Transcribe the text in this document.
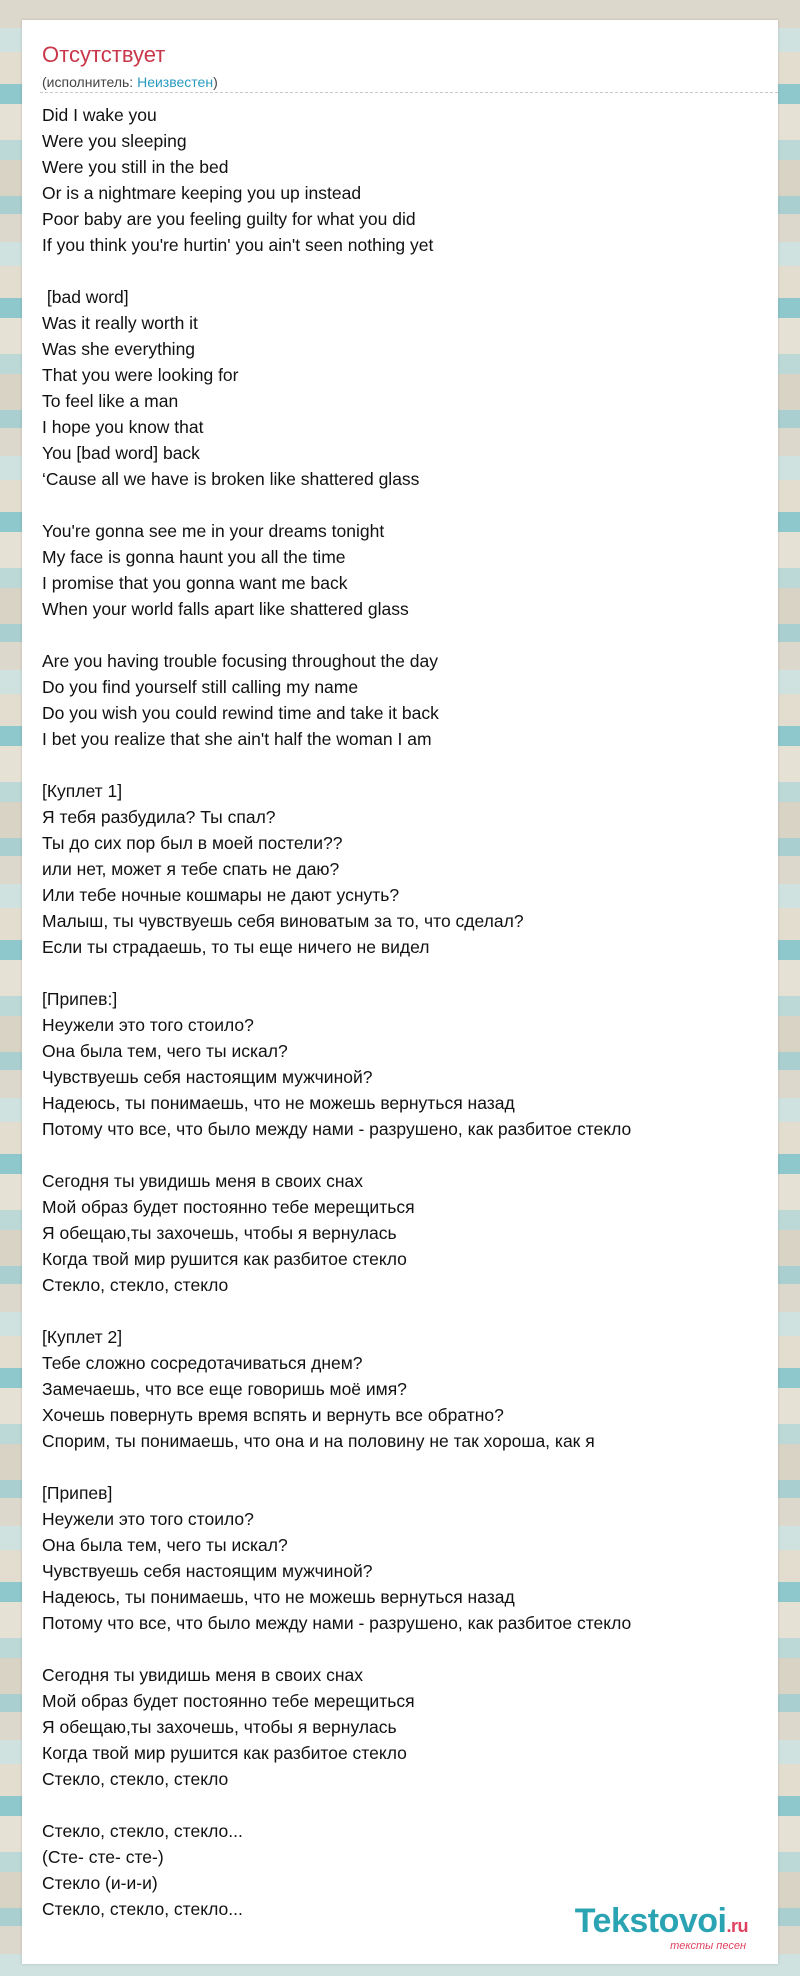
Отсутствует
(исполнитель: Неизвестен)
Did I wake you
Were you sleeping
Were you still in the bed
Or is a nightmare keeping you up instead
Poor baby are you feeling guilty for what you did
If you think you're hurtin' you ain't seen nothing yet
[bad word]
Was it really worth it
Was she everything
That you were looking for
To feel like a man
I hope you know that
You [bad word] back
‘Cause all we have is broken like shattered glass
You're gonna see me in your dreams tonight
My face is gonna haunt you all the time
I promise that you gonna want me back
When your world falls apart like shattered glass
Are you having trouble focusing throughout the day
Do you find yourself still calling my name
Do you wish you could rewind time and take it back
I bet you realize that she ain't half the woman I am
[Куплет 1]
Я тебя разбудила? Ты спал?
Ты до сих пор был в моей постели??
или нет, может я тебе спать не даю?
Или тебе ночные кошмары не дают уснуть?
Малыш, ты чувствуешь себя виноватым за то, что сделал?
Если ты страдаешь, то ты еще ничего не видел
[Припев:]
Неужели это того стоило?
Она была тем, чего ты искал?
Чувствуешь себя настоящим мужчиной?
Надеюсь, ты понимаешь, что не можешь вернуться назад
Потому что все, что было между нами - разрушено, как разбитое стекло
Сегодня ты увидишь меня в своих снах
Мой образ будет постоянно тебе мерещиться
Я обещаю,ты захочешь, чтобы я вернулась
Когда твой мир рушится как разбитое стекло
Стекло, стекло, стекло
[Куплет 2]
Тебе сложно сосредотачиваться днем?
Замечаешь, что все еще говоришь моё имя?
Хочешь повернуть время вспять и вернуть все обратно?
Спорим, ты понимаешь, что она и на половину не так хороша, как я
[Припев]
Неужели это того стоило?
Она была тем, чего ты искал?
Чувствуешь себя настоящим мужчиной?
Надеюсь, ты понимаешь, что не можешь вернуться назад
Потому что все, что было между нами - разрушено, как разбитое стекло
Сегодня ты увидишь меня в своих снах
Мой образ будет постоянно тебе мерещиться
Я обещаю,ты захочешь, чтобы я вернулась
Когда твой мир рушится как разбитое стекло
Стекло, стекло, стекло
Стекло, стекло, стекло...
(Сте- сте- сте-)
Стекло (и-и-и)
Стекло, стекло, стекло...	Tekstovoi.ru
тексты песен
